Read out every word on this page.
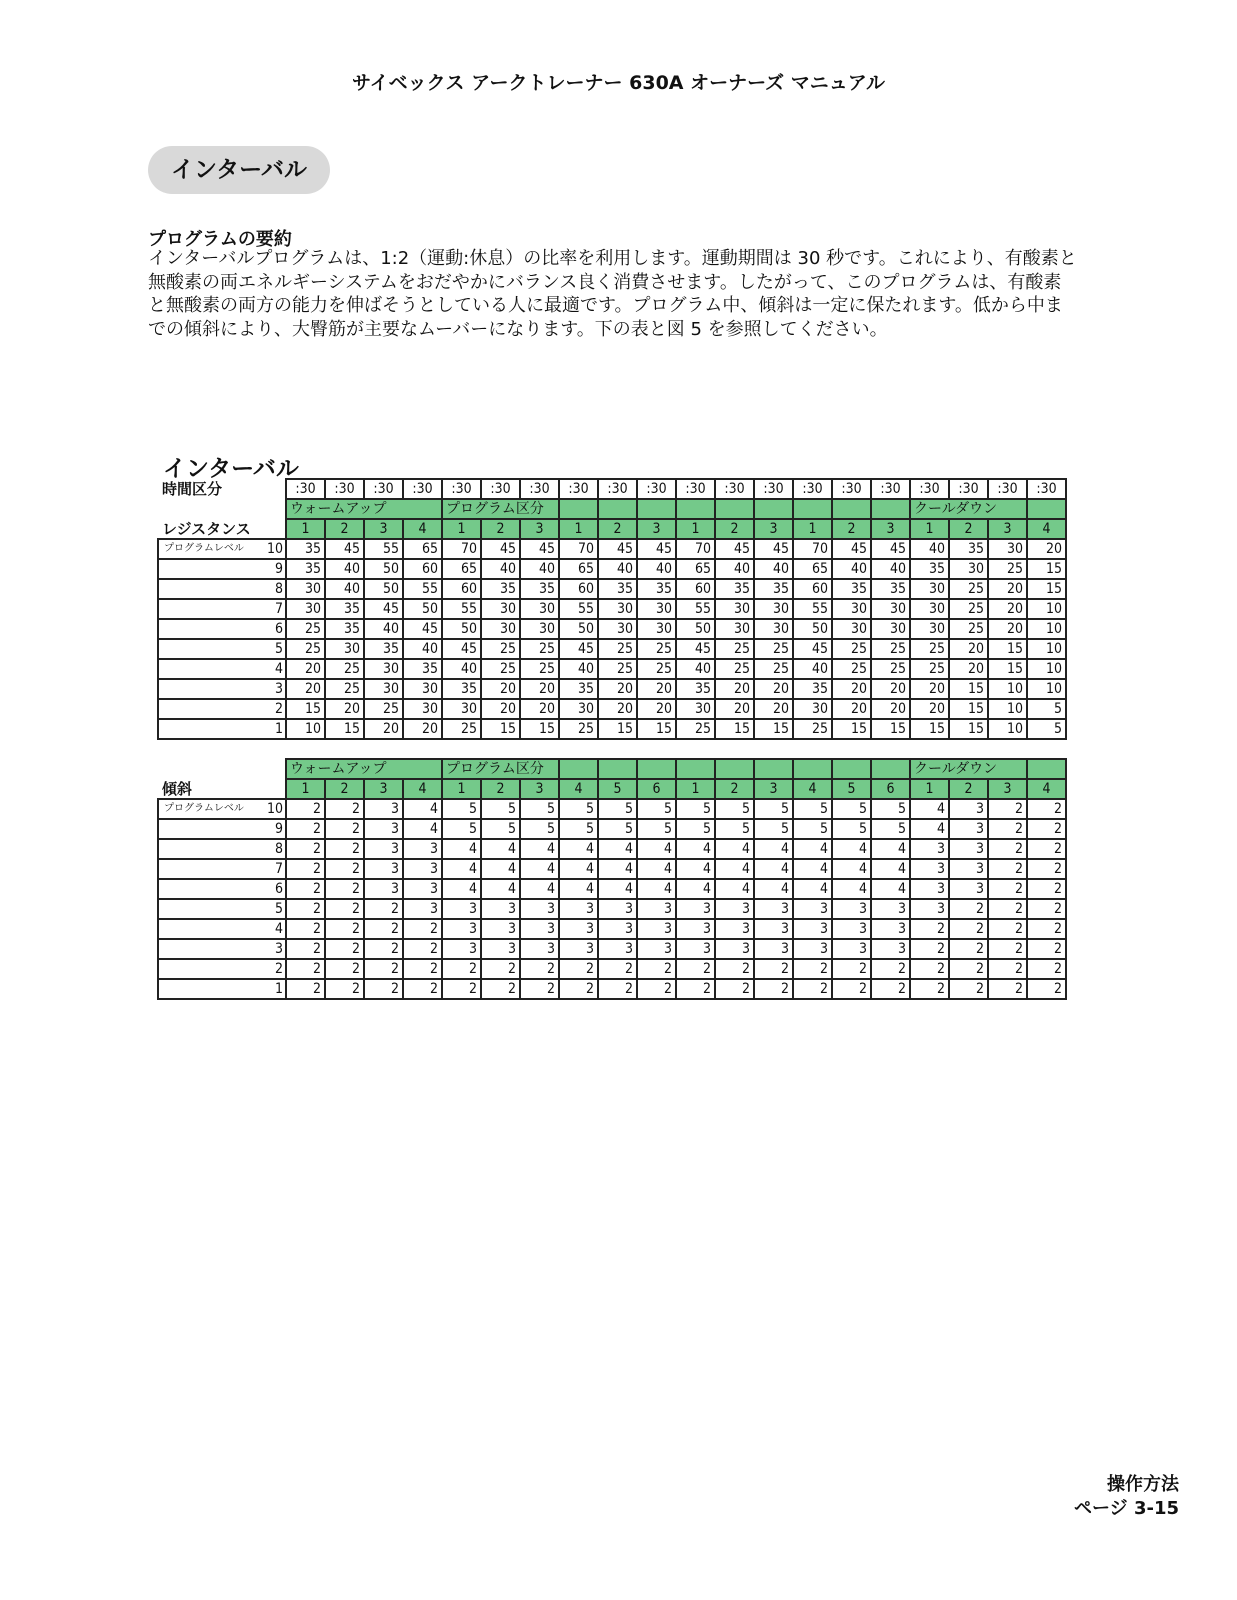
サイベックス アークトレーナー 630A オーナーズ マニュアル
インターバル
プログラムの要約
インターバルプログラムは、1:2（運動:休息）の比率を利用します。運動期間は 30 秒です。これにより、有酸素と無酸素の両エネルギーシステムをおだやかにバランス良く消費させます。したがって、このプログラムは、有酸素と無酸素の両方の能力を伸ばそうとしている人に最適です。プログラム中、傾斜は一定に保たれます。低から中までの傾斜により、大臀筋が主要なムーバーになります。下の表と図 5 を参照してください。
インターバル
時間区分	:30	:30	:30	:30	:30	:30	:30	:30	:30	:30	:30	:30	:30	:30	:30	:30	:30	:30	:30	:30
	ウォームアップ				プログラム区分												クールダウン			
レジスタンス	1	2	3	4	1	2	3	1	2	3	1	2	3	1	2	3	1	2	3	4

プログラムレベル 10	35	45	55	65	70	45	45	70	45	45	70	45	45	70	45	45	40	35	30	20
9	35	40	50	60	65	40	40	65	40	40	65	40	40	65	40	40	35	30	25	15
8	30	40	50	55	60	35	35	60	35	35	60	35	35	60	35	35	30	25	20	15
7	30	35	45	50	55	30	30	55	30	30	55	30	30	55	30	30	30	25	20	10
6	25	35	40	45	50	30	30	50	30	30	50	30	30	50	30	30	30	25	20	10
5	25	30	35	40	45	25	25	45	25	25	45	25	25	45	25	25	25	20	15	10
4	20	25	30	35	40	25	25	40	25	25	40	25	25	40	25	25	25	20	15	10
3	20	25	30	30	35	20	20	35	20	20	35	20	20	35	20	20	20	15	10	10
2	15	20	25	30	30	20	20	30	20	20	30	20	20	30	20	20	20	15	10	5
1	10	15	20	20	25	15	15	25	15	15	25	15	15	25	15	15	15	15	10	5
	ウォームアップ				プログラム区分												クールダウン			
傾斜	1	2	3	4	1	2	3	4	5	6	1	2	3	4	5	6	1	2	3	4

プログラムレベル 10	2	2	3	4	5	5	5	5	5	5	5	5	5	5	5	5	4	3	2	2
9	2	2	3	4	5	5	5	5	5	5	5	5	5	5	5	5	4	3	2	2
8	2	2	3	3	4	4	4	4	4	4	4	4	4	4	4	4	3	3	2	2
7	2	2	3	3	4	4	4	4	4	4	4	4	4	4	4	4	3	3	2	2
6	2	2	3	3	4	4	4	4	4	4	4	4	4	4	4	4	3	3	2	2
5	2	2	2	3	3	3	3	3	3	3	3	3	3	3	3	3	3	2	2	2
4	2	2	2	2	3	3	3	3	3	3	3	3	3	3	3	3	2	2	2	2
3	2	2	2	2	3	3	3	3	3	3	3	3	3	3	3	3	2	2	2	2
2	2	2	2	2	2	2	2	2	2	2	2	2	2	2	2	2	2	2	2	2
1	2	2	2	2	2	2	2	2	2	2	2	2	2	2	2	2	2	2	2	2
操作方法
ページ 3-15
